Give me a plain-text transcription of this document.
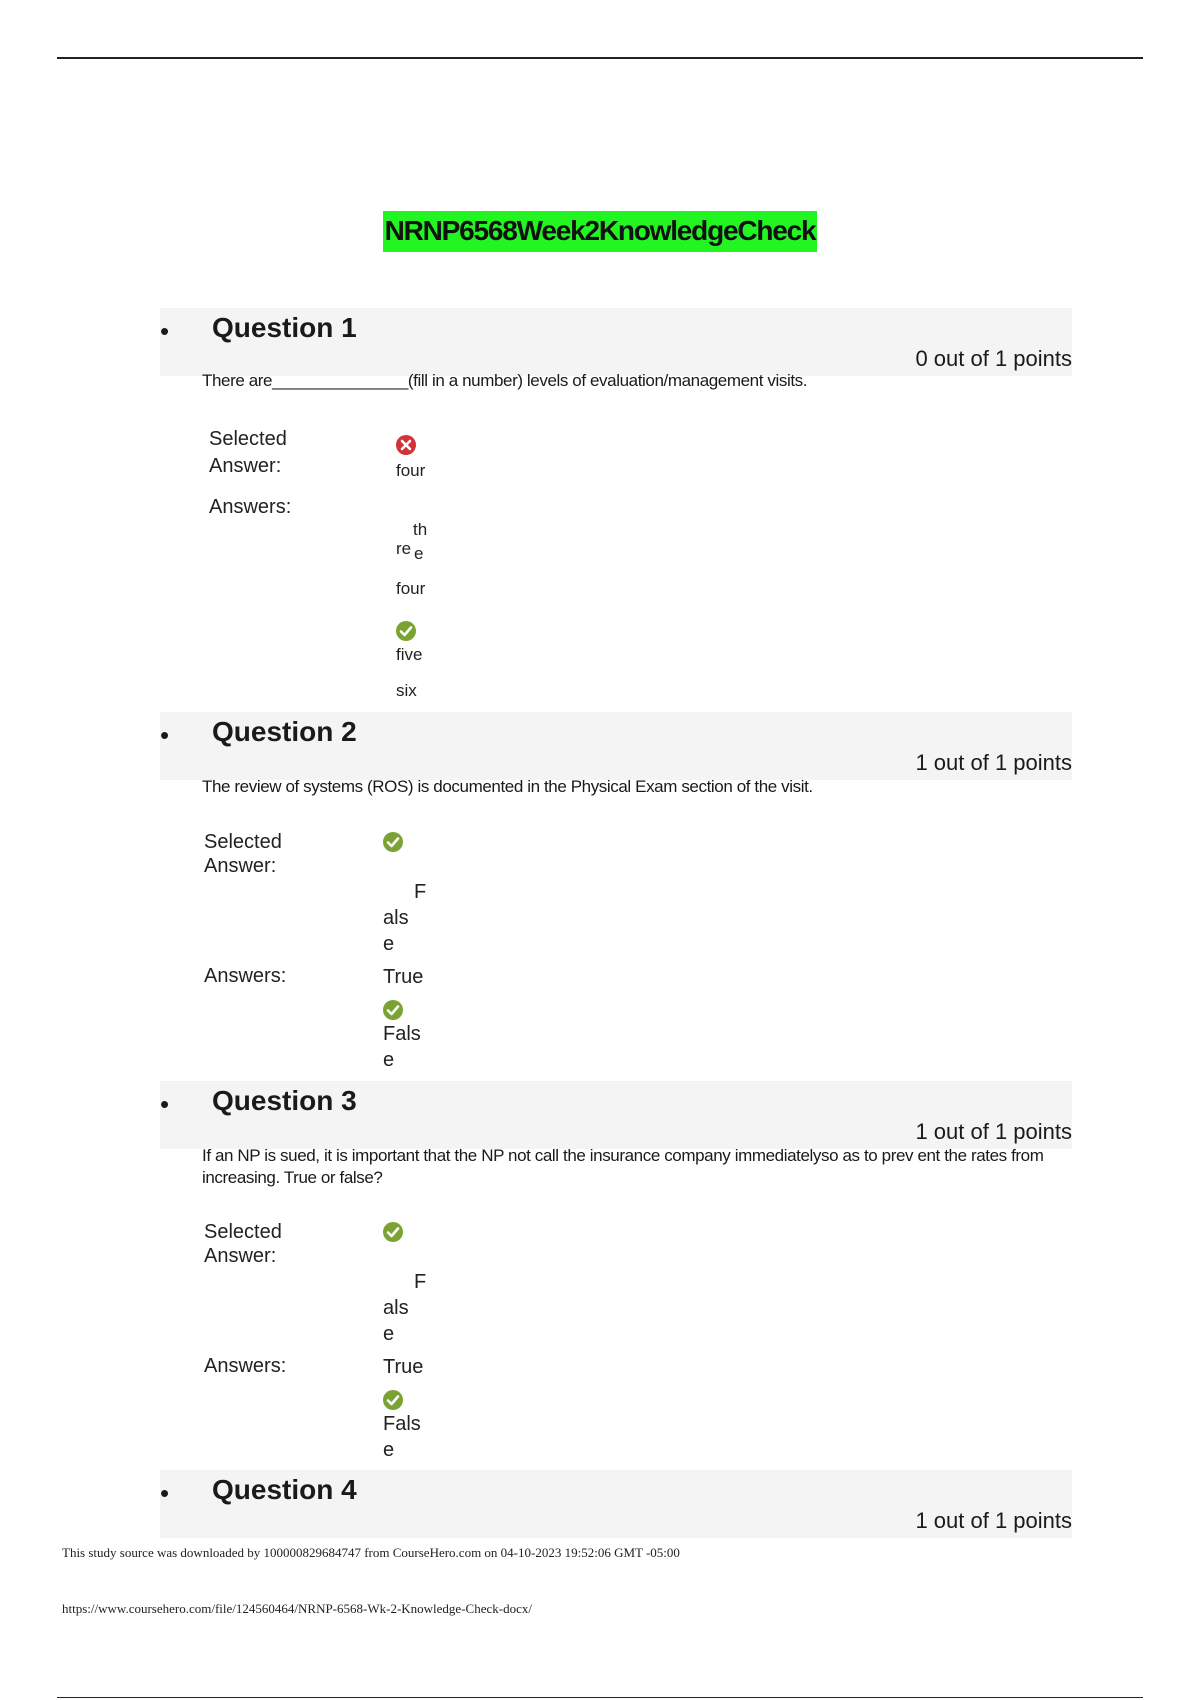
NRNP6568Week2KnowledgeCheck
• Question 1
0 out of 1 points
There are_______________(fill in a number) levels of evaluation/management visits.
Selected
Answer:	four
Answers:
th
re e
four
five
six
• Question 2
1 out of 1 points
The review of systems (ROS) is documented in the Physical Exam section of the visit.
Selected
Answer:
F
als
e
Answers:	True
Fals
e
• Question 3
1 out of 1 points
If an NP is sued, it is important that the NP not call the insurance company immediatelyso as to prev ent the rates from increasing. True or false?
Selected
Answer:
F
als
e
Answers:	True
Fals
e
• Question 4
1 out of 1 points
This study source was downloaded by 100000829684747 from CourseHero.com on 04-10-2023 19:52:06 GMT -05:00
https://www.coursehero.com/file/124560464/NRNP-6568-Wk-2-Knowledge-Check-docx/
